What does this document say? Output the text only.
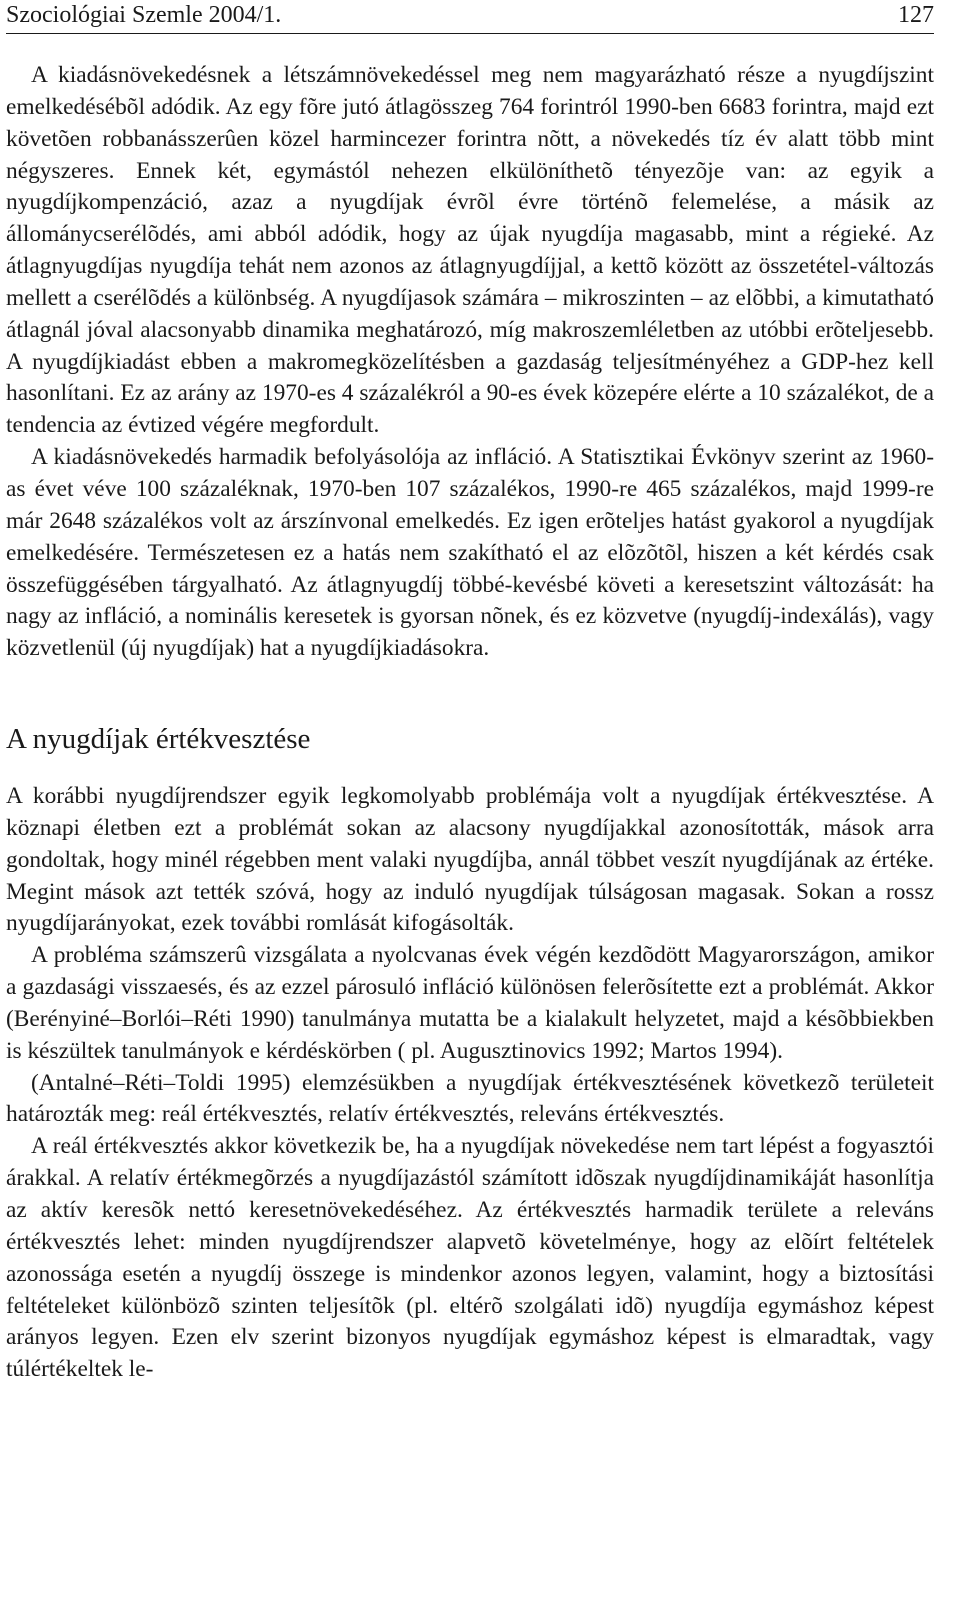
Szociológiai Szemle 2004/1.	127

A kiadásnövekedésnek a létszámnövekedéssel meg nem magyarázható része a nyugdíjszint emelkedésébõl adódik. Az egy fõre jutó átlagösszeg 764 forintról 1990-ben 6683 forintra, majd ezt követõen robbanásszerûen közel harmincezer forintra nõtt, a növekedés tíz év alatt több mint négyszeres. Ennek két, egymástól nehezen elkülöníthetõ tényezõje van: az egyik a nyugdíjkompenzáció, azaz a nyugdíjak évrõl évre történõ felemelése, a másik az állománycserélõdés, ami abból adódik, hogy az újak nyugdíja magasabb, mint a régieké. Az átlagnyugdíjas nyugdíja tehát nem azonos az átlagnyugdíjjal, a kettõ között az összetétel-változás mellett a cserélõdés a különbség. A nyugdíjasok számára – mikroszinten – az elõbbi, a kimutatható átlagnál jóval alacsonyabb dinamika meghatározó, míg makroszemléletben az utóbbi erõteljesebb. A nyugdíjkiadást ebben a makromegközelítésben a gazdaság teljesítményéhez a GDP-hez kell hasonlítani. Ez az arány az 1970-es 4 százalékról a 90-es évek közepére elérte a 10 százalékot, de a tendencia az évtized végére megfordult.

A kiadásnövekedés harmadik befolyásolója az infláció. A Statisztikai Évkönyv szerint az 1960-as évet véve 100 százaléknak, 1970-ben 107 százalékos, 1990-re 465 százalékos, majd 1999-re már 2648 százalékos volt az árszínvonal emelkedés. Ez igen erõteljes hatást gyakorol a nyugdíjak emelkedésére. Természetesen ez a hatás nem szakítható el az elõzõtõl, hiszen a két kérdés csak összefüggésében tárgyalható. Az átlagnyugdíj többé-kevésbé követi a keresetszint változását: ha nagy az infláció, a nominális keresetek is gyorsan nõnek, és ez közvetve (nyugdíj-indexálás), vagy közvetlenül (új nyugdíjak) hat a nyugdíjkiadásokra.

A nyugdíjak értékvesztése

A korábbi nyugdíjrendszer egyik legkomolyabb problémája volt a nyugdíjak értékvesztése. A köznapi életben ezt a problémát sokan az alacsony nyugdíjakkal azonosították, mások arra gondoltak, hogy minél régebben ment valaki nyugdíjba, annál többet veszít nyugdíjának az értéke. Megint mások azt tették szóvá, hogy az induló nyugdíjak túlságosan magasak. Sokan a rossz nyugdíjarányokat, ezek további romlását kifogásolták.

A probléma számszerû vizsgálata a nyolcvanas évek végén kezdõdött Magyarországon, amikor a gazdasági visszaesés, és az ezzel párosuló infláció különösen felerõsítette ezt a problémát. Akkor (Berényiné–Borlói–Réti 1990) tanulmánya mutatta be a kialakult helyzetet, majd a késõbbiekben is készültek tanulmányok e kérdéskörben ( pl. Augusztinovics 1992; Martos 1994).

(Antalné–Réti–Toldi 1995) elemzésükben a nyugdíjak értékvesztésének következõ területeit határozták meg: reál értékvesztés, relatív értékvesztés, releváns értékvesztés.

A reál értékvesztés akkor következik be, ha a nyugdíjak növekedése nem tart lépést a fogyasztói árakkal. A relatív értékmegõrzés a nyugdíjazástól számított idõszak nyugdíjdinamikáját hasonlítja az aktív keresõk nettó keresetnövekedéséhez. Az értékvesztés harmadik területe a releváns értékvesztés lehet: minden nyugdíjrendszer alapvetõ követelménye, hogy az elõírt feltételek azonossága esetén a nyugdíj összege is mindenkor azonos legyen, valamint, hogy a biztosítási feltételeket különbözõ szinten teljesítõk (pl. eltérõ szolgálati idõ) nyugdíja egymáshoz képest arányos legyen. Ezen elv szerint bizonyos nyugdíjak egymáshoz képest is elmaradtak, vagy túlértékeltek le-
